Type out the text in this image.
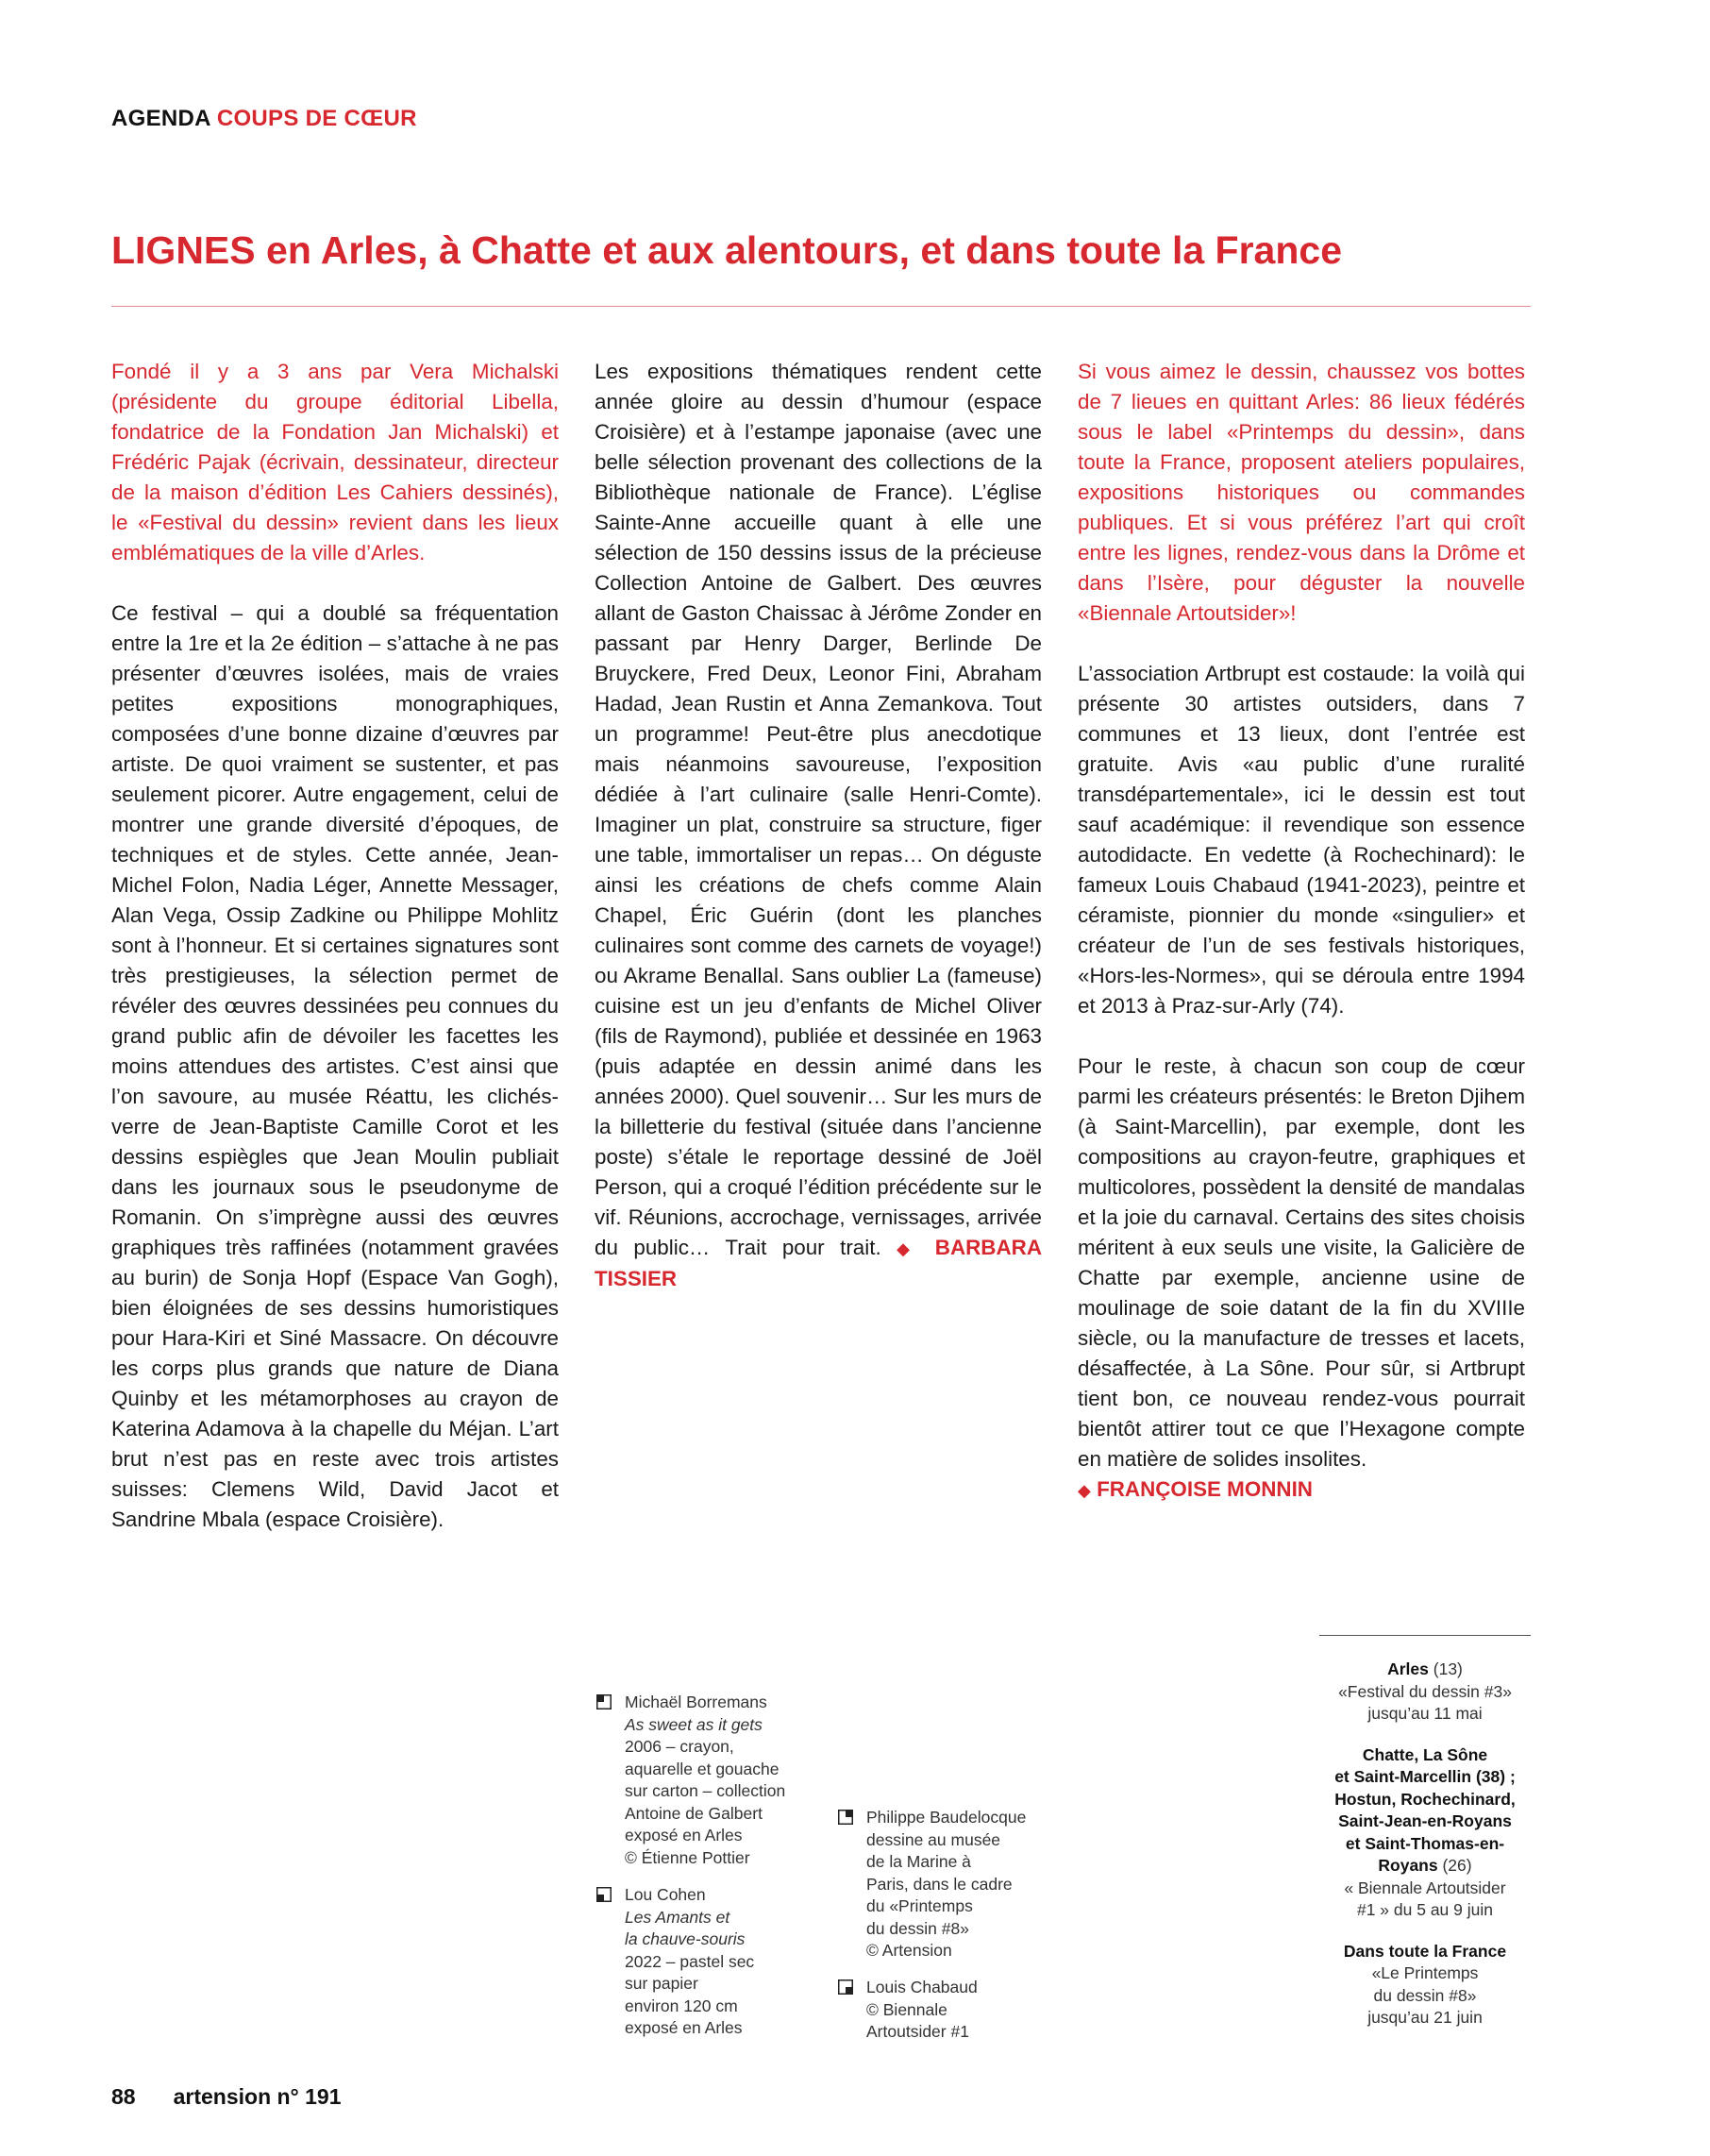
AGENDA COUPS DE CŒUR
LIGNES en Arles, à Chatte et aux alentours, et dans toute la France

Fondé il y a 3 ans par Vera Michalski (présidente du groupe éditorial Libella, fondatrice de la Fondation Jan Michalski) et Frédéric Pajak (écrivain, dessinateur, directeur de la maison d’édition Les Cahiers dessinés), le «Festival du dessin» revient dans les lieux emblématiques de la ville d’Arles.

Ce festival – qui a doublé sa fréquentation entre la 1re et la 2e édition – s’attache à ne pas présenter d’œuvres isolées, mais de vraies petites expositions monographiques, composées d’une bonne dizaine d’œuvres par artiste. De quoi vraiment se sustenter, et pas seulement picorer. Autre engagement, celui de montrer une grande diversité d’époques, de techniques et de styles. Cette année, Jean-Michel Folon, Nadia Léger, Annette Messager, Alan Vega, Ossip Zadkine ou Philippe Mohlitz sont à l’honneur. Et si certaines signatures sont très prestigieuses, la sélection permet de révéler des œuvres dessinées peu connues du grand public afin de dévoiler les facettes les moins attendues des artistes. C’est ainsi que l’on savoure, au musée Réattu, les clichés-verre de Jean-Baptiste Camille Corot et les dessins espiègles que Jean Moulin publiait dans les journaux sous le pseudonyme de Romanin. On s’imprègne aussi des œuvres graphiques très raffinées (notamment gravées au burin) de Sonja Hopf (Espace Van Gogh), bien éloignées de ses dessins humoristiques pour Hara-Kiri et Siné Massacre. On découvre les corps plus grands que nature de Diana Quinby et les métamorphoses au crayon de Katerina Adamova à la chapelle du Méjan. L’art brut n’est pas en reste avec trois artistes suisses: Clemens Wild, David Jacot et Sandrine Mbala (espace Croisière).

Les expositions thématiques rendent cette année gloire au dessin d’humour (espace Croisière) et à l’estampe japonaise (avec une belle sélection provenant des collections de la Bibliothèque nationale de France). L’église Sainte-Anne accueille quant à elle une sélection de 150 dessins issus de la précieuse Collection Antoine de Galbert. Des œuvres allant de Gaston Chaissac à Jérôme Zonder en passant par Henry Darger, Berlinde De Bruyckere, Fred Deux, Leonor Fini, Abraham Hadad, Jean Rustin et Anna Zemankova. Tout un programme! Peut-être plus anecdotique mais néanmoins savoureuse, l’exposition dédiée à l’art culinaire (salle Henri-Comte). Imaginer un plat, construire sa structure, figer une table, immortaliser un repas… On déguste ainsi les créations de chefs comme Alain Chapel, Éric Guérin (dont les planches culinaires sont comme des carnets de voyage!) ou Akrame Benallal. Sans oublier La (fameuse) cuisine est un jeu d’enfants de Michel Oliver (fils de Raymond), publiée et dessinée en 1963 (puis adaptée en dessin animé dans les années 2000). Quel souvenir… Sur les murs de la billetterie du festival (située dans l’ancienne poste) s’étale le reportage dessiné de Joël Person, qui a croqué l’édition précédente sur le vif. Réunions, accrochage, vernissages, arrivée du public… Trait pour trait. ◆ BARBARA TISSIER

Si vous aimez le dessin, chaussez vos bottes de 7 lieues en quittant Arles: 86 lieux fédérés sous le label «Printemps du dessin», dans toute la France, proposent ateliers populaires, expositions historiques ou commandes publiques. Et si vous préférez l’art qui croît entre les lignes, rendez-vous dans la Drôme et dans l’Isère, pour déguster la nouvelle «Biennale Artoutsider»!

L’association Artbrupt est costaude: la voilà qui présente 30 artistes outsiders, dans 7 communes et 13 lieux, dont l’entrée est gratuite. Avis «au public d’une ruralité transdépartementale», ici le dessin est tout sauf académique: il revendique son essence autodidacte. En vedette (à Rochechinard): le fameux Louis Chabaud (1941-2023), peintre et céramiste, pionnier du monde «singulier» et créateur de l’un de ses festivals historiques, «Hors-les-Normes», qui se déroula entre 1994 et 2013 à Praz-sur-Arly (74).

Pour le reste, à chacun son coup de cœur parmi les créateurs présentés: le Breton Djihem (à Saint-Marcellin), par exemple, dont les compositions au crayon-feutre, graphiques et multicolores, possèdent la densité de mandalas et la joie du carnaval. Certains des sites choisis méritent à eux seuls une visite, la Galicière de Chatte par exemple, ancienne usine de moulinage de soie datant de la fin du XVIIIe siècle, ou la manufacture de tresses et lacets, désaffectée, à La Sône. Pour sûr, si Artbrupt tient bon, ce nouveau rendez-vous pourrait bientôt attirer tout ce que l’Hexagone compte en matière de solides insolites.
◆ FRANÇOISE MONNIN

Michaël Borremans
As sweet as it gets
2006 – crayon,
aquarelle et gouache
sur carton – collection
Antoine de Galbert
exposé en Arles
© Étienne Pottier
Lou Cohen
Les Amants et
la chauve-souris
2022 – pastel sec
sur papier
environ 120 cm
exposé en Arles
Philippe Baudelocque
dessine au musée
de la Marine à
Paris, dans le cadre
du «Printemps
du dessin #8»
© Artension
Louis Chabaud
© Biennale
Artoutsider #1
Arles (13)
«Festival du dessin #3»
jusqu’au 11 mai
Chatte, La Sône
et Saint-Marcellin (38) ;
Hostun, Rochechinard,
Saint-Jean-en-Royans
et Saint-Thomas-en-
Royans (26)
« Biennale Artoutsider
#1 » du 5 au 9 juin
Dans toute la France
«Le Printemps
du dessin #8»
jusqu’au 21 juin
88 artension n° 191
